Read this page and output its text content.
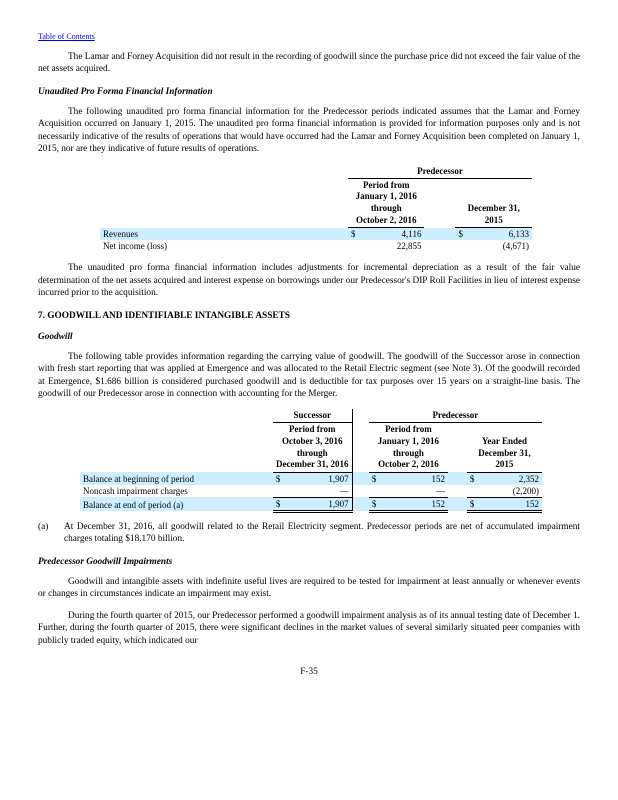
Table of Contents

The Lamar and Forney Acquisition did not result in the recording of goodwill since the purchase price did not exceed the fair value of the net assets acquired.

Unaudited Pro Forma Financial Information

The following unaudited pro forma financial information for the Predecessor periods indicated assumes that the Lamar and Forney Acquisition occurred on January 1, 2015. The unaudited pro forma financial information is provided for information purposes only and is not necessarily indicative of the results of operations that would have occurred had the Lamar and Forney Acquisition been completed on January 1, 2015, nor are they indicative of future results of operations.

	Predecessor				
	Period from
January 1, 2016
through
October 2, 2016			December 31,
2015	
Revenues	$	4,116		$	6,133
Net income (loss)		22,855			(4,671)

The unaudited pro forma financial information includes adjustments for incremental depreciation as a result of the fair value determination of the net assets acquired and interest expense on borrowings under our Predecessor's DIP Roll Facilities in lieu of interest expense incurred prior to the acquisition.

7. GOODWILL AND IDENTIFIABLE INTANGIBLE ASSETS
Goodwill

The following table provides information regarding the carrying value of goodwill. The goodwill of the Successor arose in connection with fresh start reporting that was applied at Emergence and was allocated to the Retail Electric segment (see Note 3). Of the goodwill recorded at Emergence, $1.686 billion is considered purchased goodwill and is deductible for tax purposes over 15 years on a straight-line basis. The goodwill of our Predecessor arose in connection with accounting for the Merger.

	Successor			Predecessor				
	Period from
October 3, 2016
through
December 31, 2016			Period from
January 1, 2016
through
October 2, 2016			Year Ended
December 31,
2015	
Balance at beginning of period	$	1,907		$	152		$	2,352
Noncash impairment charges		—			—			(2,200)
Balance at end of period (a)	$	1,907		$	152		$	152
(a)	At December 31, 2016, all goodwill related to the Retail Electricity segment. Predecessor periods are net of accumulated impairment charges totaling $18.170 billion.
Predecessor Goodwill Impairments

Goodwill and intangible assets with indefinite useful lives are required to be tested for impairment at least annually or whenever events or changes in circumstances indicate an impairment may exist.

During the fourth quarter of 2015, our Predecessor performed a goodwill impairment analysis as of its annual testing date of December 1. Further, during the fourth quarter of 2015, there were significant declines in the market values of several similarly situated peer companies with publicly traded equity, which indicated our

F-35
